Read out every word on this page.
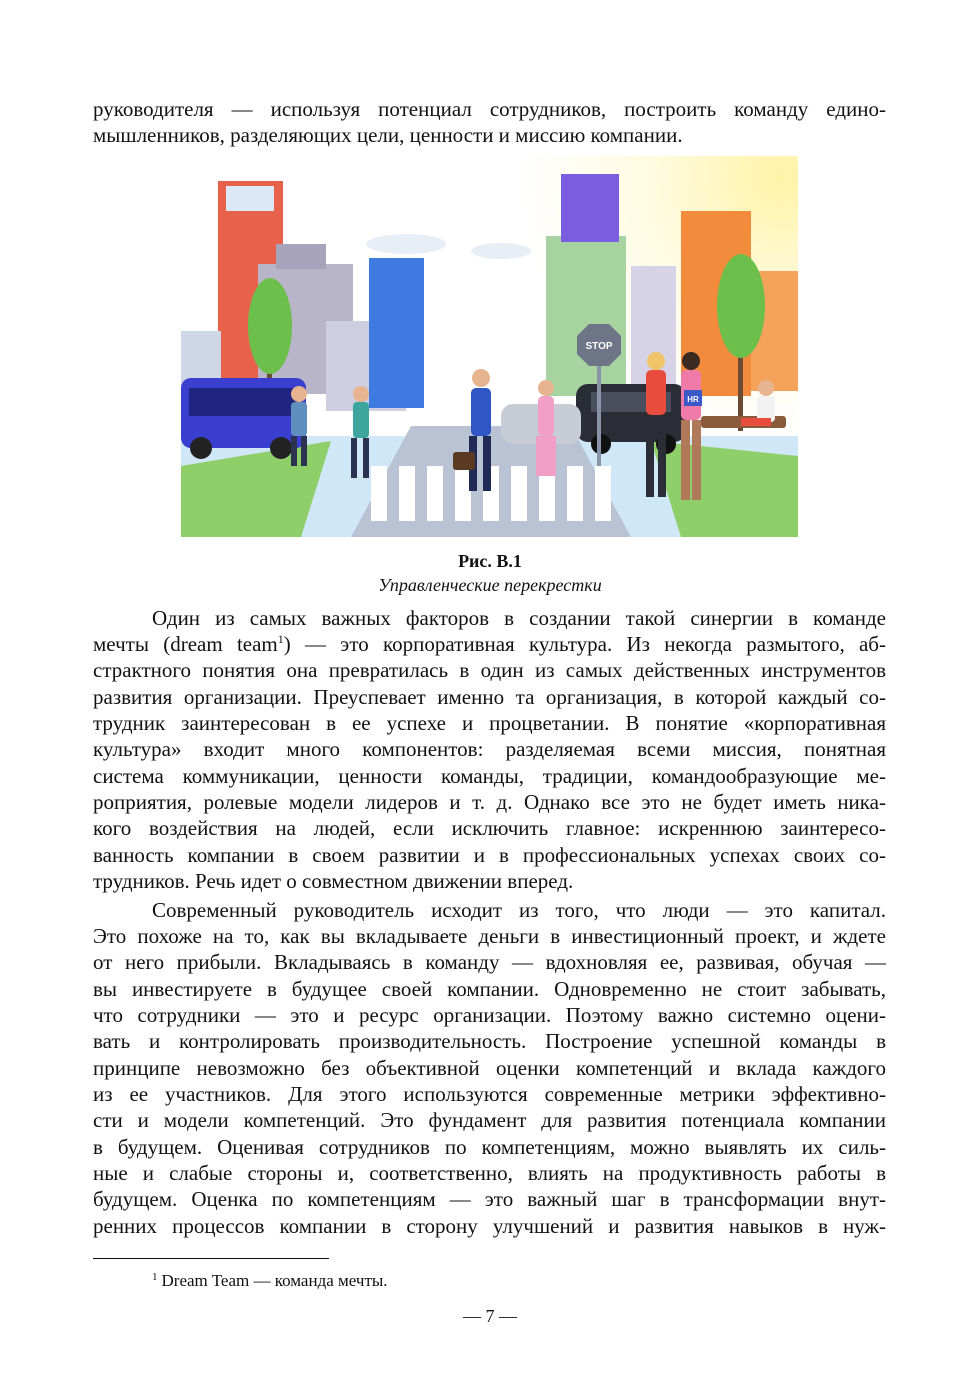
руководителя — используя потенциал сотрудников, построить команду едино-
мышленников, разделяющих цели, ценности и миссию компании.
STOP
HR
Рис. В.1
Управленческие перекрестки
Один из самых важных факторов в создании такой синергии в команде
мечты (dream team$^1$) — это корпоративная культура. Из некогда размытого, аб-
страктного понятия она превратилась в один из самых действенных инструментов
развития организации. Преуспевает именно та организация, в которой каждый со-
трудник заинтересован в ее успехе и процветании. В понятие «корпоративная
культура» входит много компонентов: разделяемая всеми миссия, понятная
система коммуникации, ценности команды, традиции, командообразующие ме-
роприятия, ролевые модели лидеров и т. д. Однако все это не будет иметь ника-
кого воздействия на людей, если исключить главное: искреннюю заинтересо-
ванность компании в своем развитии и в профессиональных успехах своих со-
трудников. Речь идет о совместном движении вперед.
Современный руководитель исходит из того, что люди — это капитал.
Это похоже на то, как вы вкладываете деньги в инвестиционный проект, и ждете
от него прибыли. Вкладываясь в команду — вдохновляя ее, развивая, обучая —
вы инвестируете в будущее своей компании. Одновременно не стоит забывать,
что сотрудники — это и ресурс организации. Поэтому важно системно оцени-
вать и контролировать производительность. Построение успешной команды в
принципе невозможно без объективной оценки компетенций и вклада каждого
из ее участников. Для этого используются современные метрики эффективно-
сти и модели компетенций. Это фундамент для развития потенциала компании
в будущем. Оценивая сотрудников по компетенциям, можно выявлять их силь-
ные и слабые стороны и, соответственно, влиять на продуктивность работы в
будущем. Оценка по компетенциям — это важный шаг в трансформации внут-
ренних процессов компании в сторону улучшений и развития навыков в нуж-
$^1$ Dream Team — команда мечты.
— 7 —
